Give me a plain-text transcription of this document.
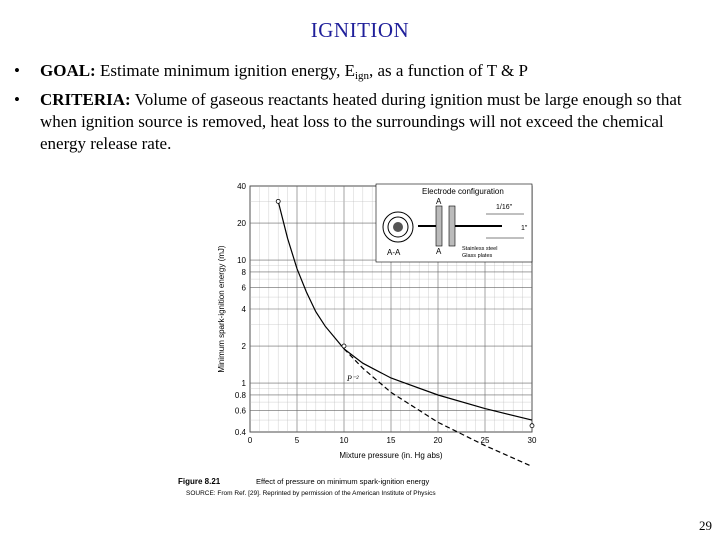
IGNITION
•	GOAL: Estimate minimum ignition energy, $E_{ign}$, as a function of T & P
•	CRITERIA: Volume of gaseous reactants heated during ignition must be large enough so that when ignition source is removed, heat loss to the surroundings will not exceed the chemical energy release rate.
0.4
0.6
0.8
1
2
4
6
8
10
20
40
0	5	10	15	20	25	30
Electrode configuration
A-A
A
A
1/16"
1"
Stainless steel
Glass plates
P⁻²
Minimum spark-ignition energy (mJ)
Mixture pressure (in. Hg abs)
Figure 8.21	Effect of pressure on minimum spark-ignition energy
SOURCE: From Ref. [29]. Reprinted by permission of the American Institute of Physics
29
